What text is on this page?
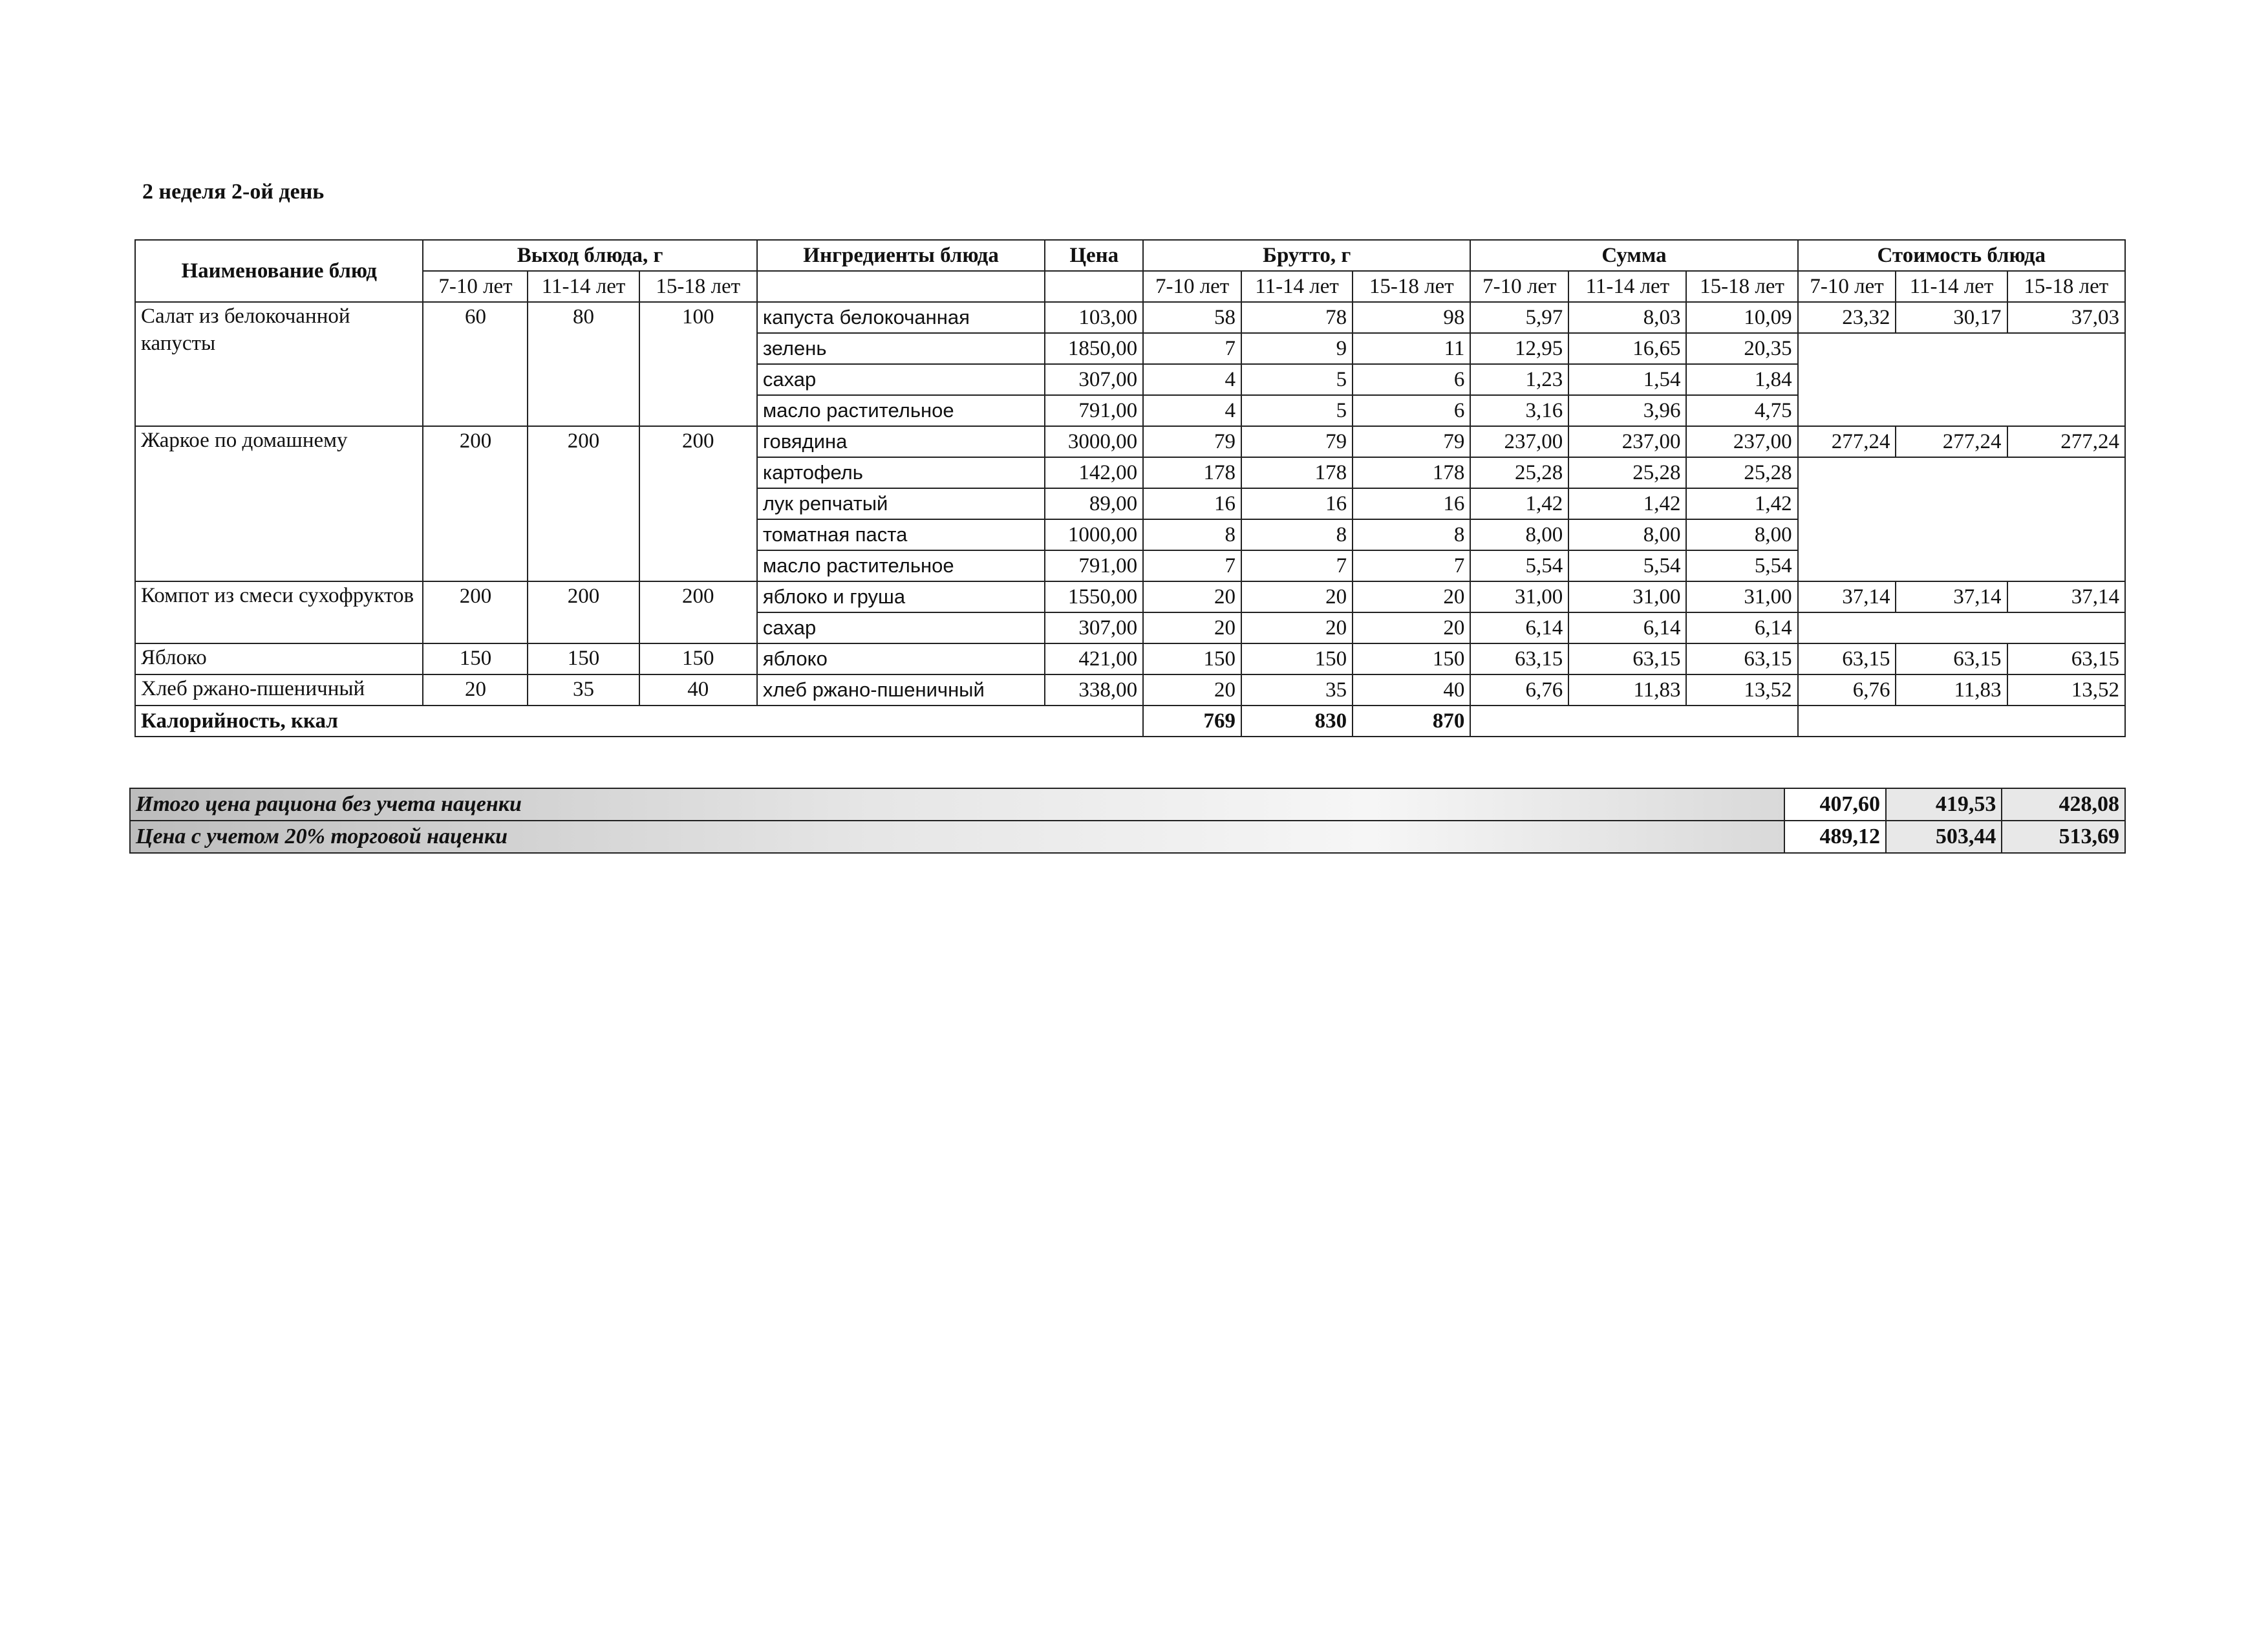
2 неделя 2-ой день
Наименование блюд	Выход блюда, г			Ингредиенты блюда	Цена	Брутто, г			Сумма			Стоимость блюда		
	7-10 лет	11-14 лет	15-18 лет			7-10 лет	11-14 лет	15-18 лет	7-10 лет	11-14 лет	15-18 лет	7-10 лет	11-14 лет	15-18 лет
Салат из белокочанной капусты	60	80	100	капуста белокочанная	103,00	58	78	98	5,97	8,03	10,09	23,32	30,17	37,03
				зелень	1850,00	7	9	11	12,95	16,65	20,35			
				сахар	307,00	4	5	6	1,23	1,54	1,84			
				масло растительное	791,00	4	5	6	3,16	3,96	4,75			
Жаркое по домашнему	200	200	200	говядина	3000,00	79	79	79	237,00	237,00	237,00	277,24	277,24	277,24
				картофель	142,00	178	178	178	25,28	25,28	25,28			
				лук репчатый	89,00	16	16	16	1,42	1,42	1,42			
				томатная паста	1000,00	8	8	8	8,00	8,00	8,00			
				масло растительное	791,00	7	7	7	5,54	5,54	5,54			
Компот из смеси сухофруктов	200	200	200	яблоко и груша	1550,00	20	20	20	31,00	31,00	31,00	37,14	37,14	37,14
				сахар	307,00	20	20	20	6,14	6,14	6,14			
Яблоко	150	150	150	яблоко	421,00	150	150	150	63,15	63,15	63,15	63,15	63,15	63,15
Хлеб ржано-пшеничный	20	35	40	хлеб ржано-пшеничный	338,00	20	35	40	6,76	11,83	13,52	6,76	11,83	13,52
Калорийность, ккал						769	830	870						
Итого цена рациона без учета наценки	407,60	419,53	428,08
Цена с учетом 20% торговой наценки	489,12	503,44	513,69
